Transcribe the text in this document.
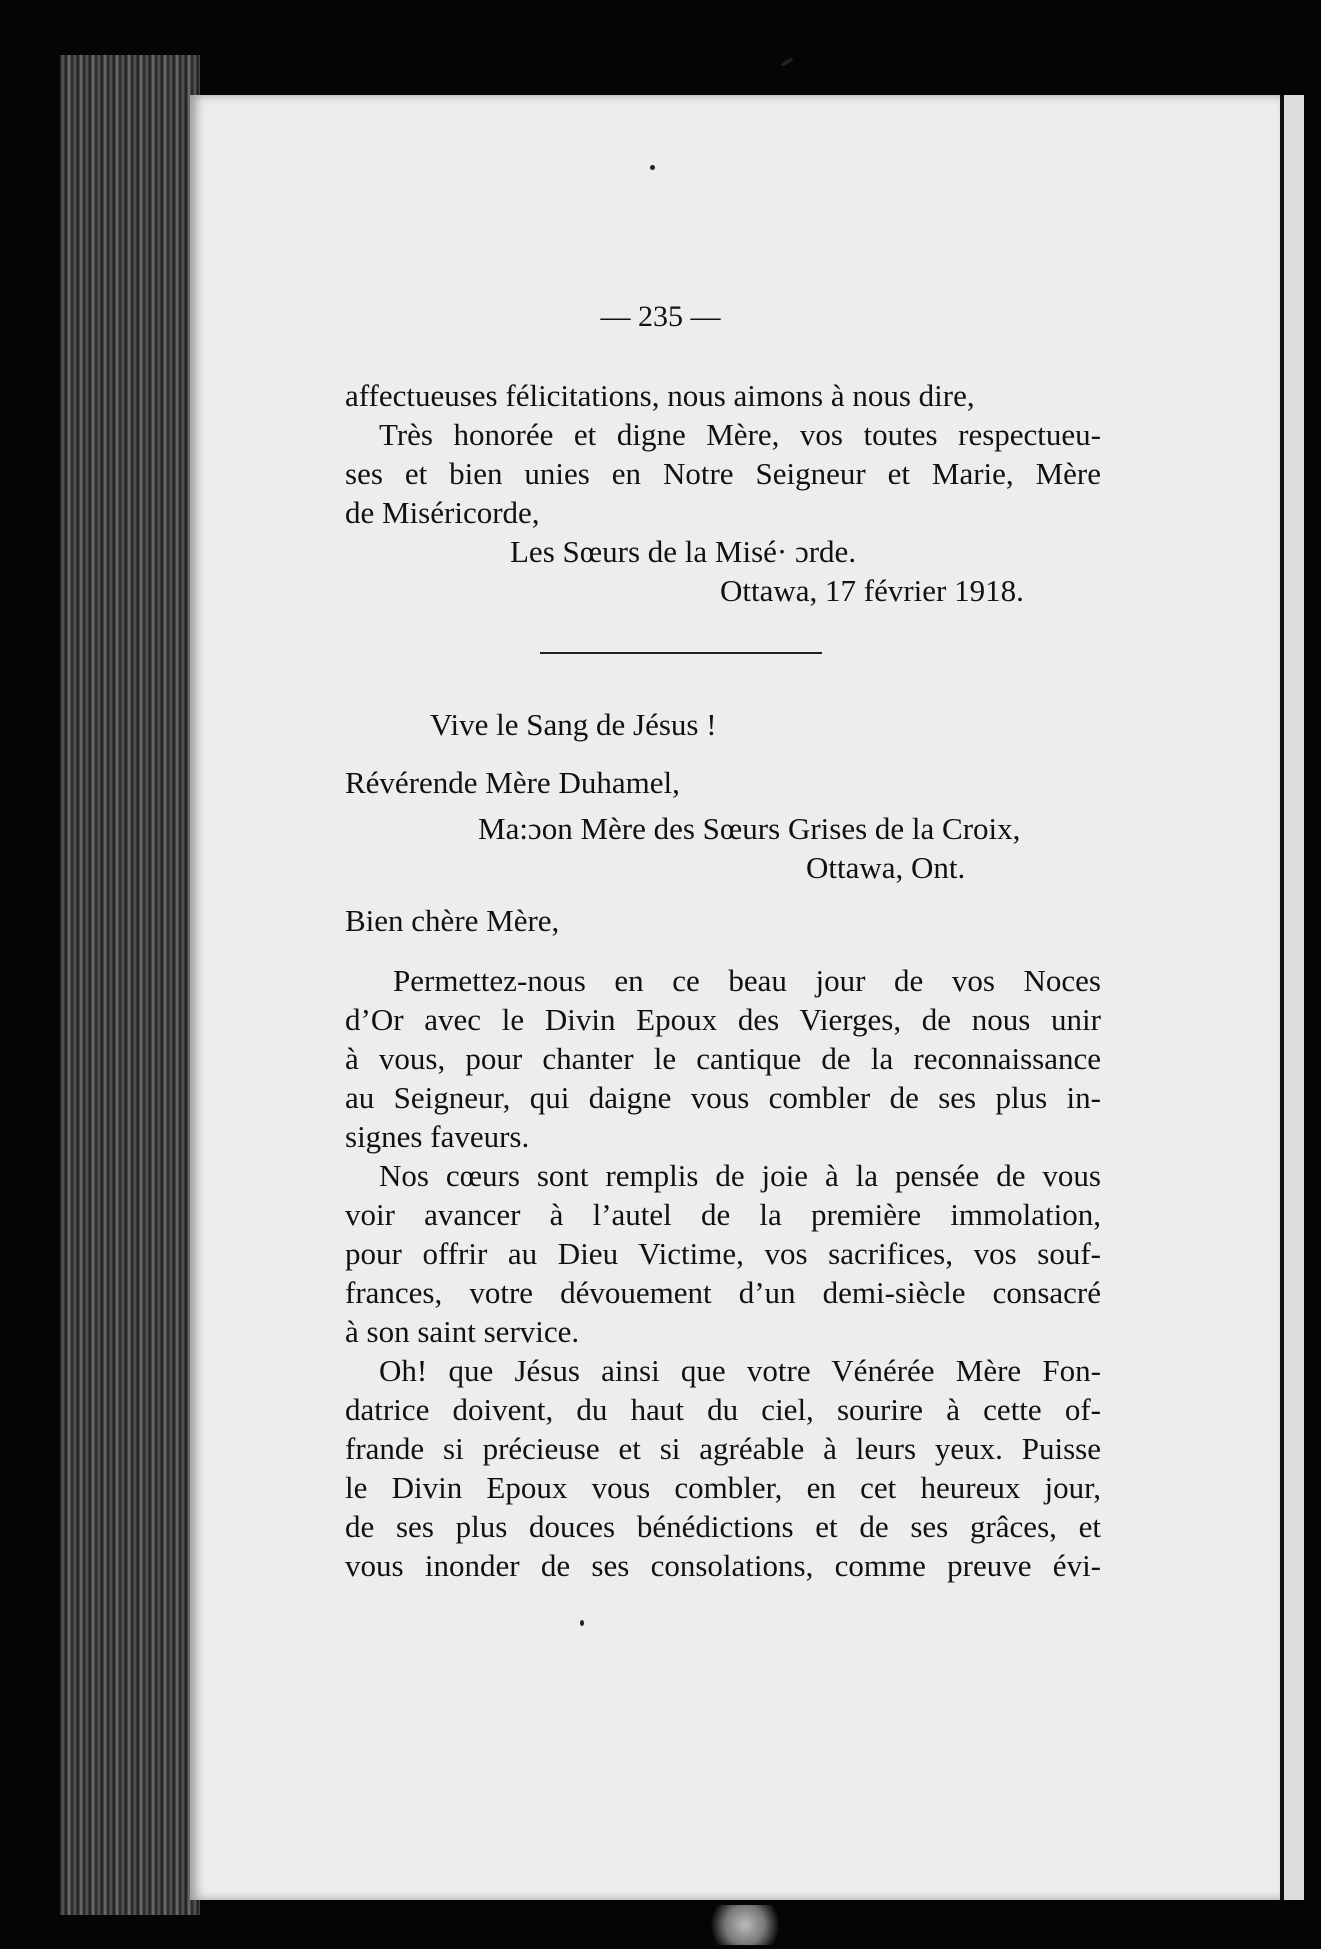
— 235 —
affectueuses félicitations, nous aimons à nous dire,
Très honorée et digne Mère, vos toutes respectueu-
ses et bien unies en Notre Seigneur et Marie, Mère
de Miséricorde,
Les Sœurs de la Misé· ɔrde.
Ottawa, 17 février 1918.
Vive le Sang de Jésus !
Révérende Mère Duhamel,
Ma:ɔon Mère des Sœurs Grises de la Croix,
Ottawa, Ont.
Bien chère Mère,
Permettez-nous en ce beau jour de vos Noces
d’Or avec le Divin Epoux des Vierges, de nous unir
à vous, pour chanter le cantique de la reconnaissance
au Seigneur, qui daigne vous combler de ses plus in-
signes faveurs.
Nos cœurs sont remplis de joie à la pensée de vous
voir avancer à l’autel de la première immolation,
pour offrir au Dieu Victime, vos sacrifices, vos souf-
frances, votre dévouement d’un demi-siècle consacré
à son saint service.
Oh! que Jésus ainsi que votre Vénérée Mère Fon-
datrice doivent, du haut du ciel, sourire à cette of-
frande si précieuse et si agréable à leurs yeux. Puisse
le Divin Epoux vous combler, en cet heureux jour,
de ses plus douces bénédictions et de ses grâces, et
vous inonder de ses consolations, comme preuve évi-
